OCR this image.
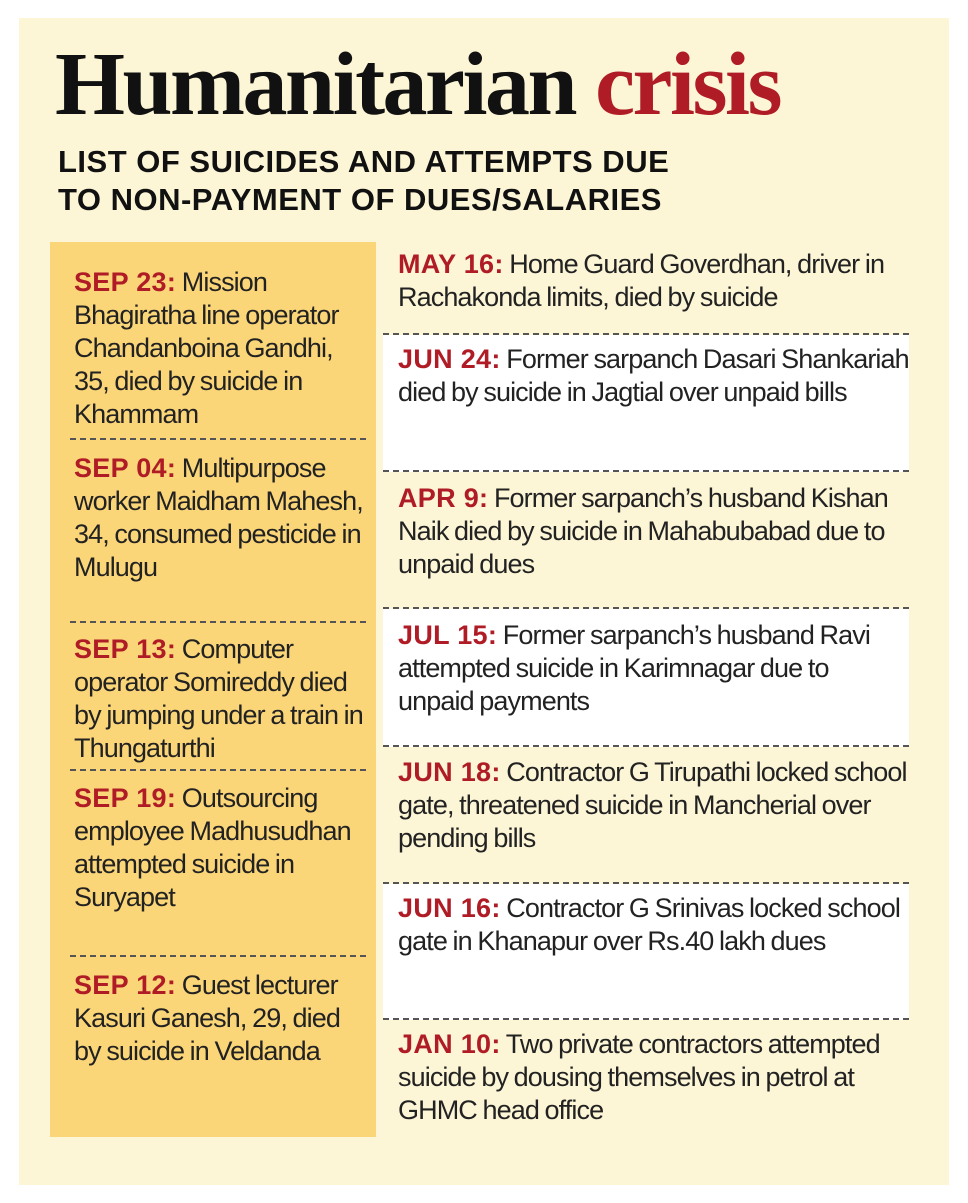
Humanitarian crisis
LIST OF SUICIDES AND ATTEMPTS DUE
TO NON-PAYMENT OF DUES/SALARIES
SEP 23: Mission Bhagiratha line operator Chandanboina Gandhi, 35, died by suicide in Khammam
SEP 04: Multipurpose worker Maidham Mahesh, 34, consumed pesticide in Mulugu
SEP 13: Computer operator Somireddy died by jumping under a train in Thungaturthi
SEP 19: Outsourcing employee Madhusudhan attempted suicide in Suryapet
SEP 12: Guest lecturer Kasuri Ganesh, 29, died by suicide in Veldanda
MAY 16: Home Guard Goverdhan, driver in Rachakonda limits, died by suicide
JUN 24: Former sarpanch Dasari Shankariah died by suicide in Jagtial over unpaid bills
APR 9: Former sarpanch’s husband Kishan Naik died by suicide in Mahabubabad due to unpaid dues
JUL 15: Former sarpanch’s husband Ravi attempted suicide in Karimnagar due to unpaid payments
JUN 18: Contractor G Tirupathi locked school gate, threatened suicide in Mancherial over pending bills
JUN 16: Contractor G Srinivas locked school gate in Khanapur over Rs.40 lakh dues
JAN 10: Two private contractors attempted suicide by dousing themselves in petrol at GHMC head office
